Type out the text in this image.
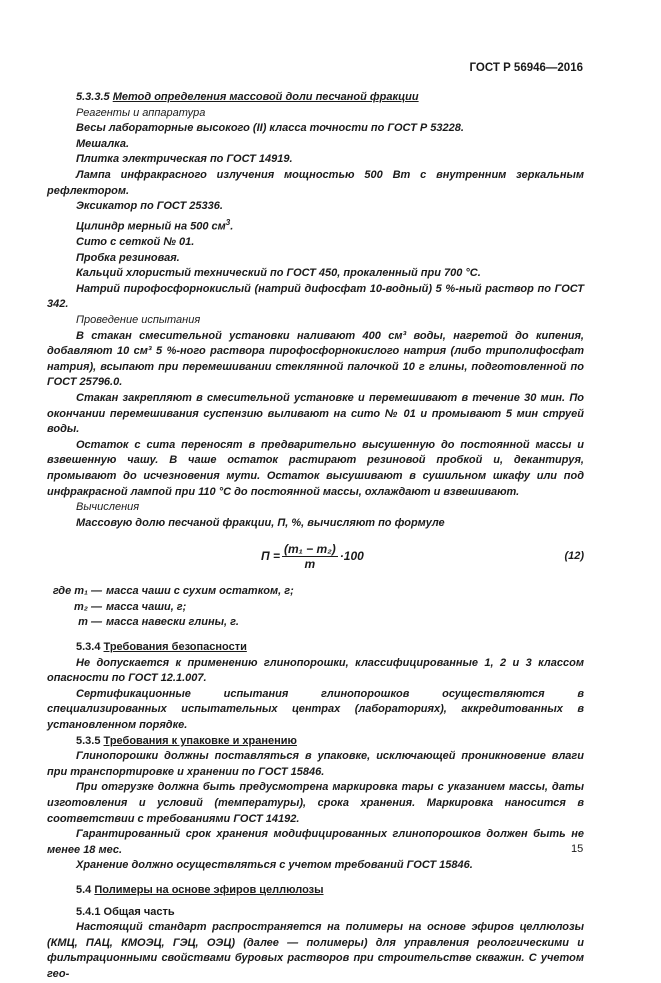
ГОСТ Р 56946—2016
5.3.3.5 Метод определения массовой доли песчаной фракции
Реагенты и аппаратура
Весы лабораторные высокого (II) класса точности по ГОСТ Р 53228.
Мешалка.
Плитка электрическая по ГОСТ 14919.
Лампа инфракрасного излучения мощностью 500 Вт с внутренним зеркальным рефлектором.
Эксикатор по ГОСТ 25336.
Цилиндр мерный на 500 $см^3$.
Сито с сеткой № 01.
Пробка резиновая.
Кальций хлористый технический по ГОСТ 450, прокаленный при 700 °С.
Натрий пирофосфорнокислый (натрий дифосфат 10-водный) 5 %-ный раствор по ГОСТ 342.
Проведение испытания
В стакан смесительной установки наливают 400 см³ воды, нагретой до кипения, добавляют 10 см³ 5 %-ного раствора пирофосфорнокислого натрия (либо триполифосфат натрия), всыпают при перемешивании стеклянной палочкой 10 г глины, подготовленной по ГОСТ 25796.0.
Стакан закрепляют в смесительной установке и перемешивают в течение 30 мин. По окончании перемешивания суспензию выливают на сито № 01 и промывают 5 мин струей воды.
Остаток с сита переносят в предварительно высушенную до постоянной массы и взвешенную чашу. В чаше остаток растирают резиновой пробкой и, декантируя, промывают до исчезновения мути. Остаток высушивают в сушильном шкафу или под инфракрасной лампой при 110 °С до постоянной массы, охлаждают и взвешивают.
Вычисления
Массовую долю песчаной фракции, П, %, вычисляют по формуле
$П = \frac{\text{(m₁ − m₂)}}{m} \cdot 100$	(12)
где m₁ — масса чаши с сухим остатком, г;
m₂ — масса чаши, г;
m — масса навески глины, г.
5.3.4 Требования безопасности
Не допускается к применению глинопорошки, классифицированные 1, 2 и 3 классом опасности по ГОСТ 12.1.007.
Сертификационные испытания глинопорошков осуществляются в специализированных испытательных центрах (лабораториях), аккредитованных в установленном порядке.
5.3.5 Требования к упаковке и хранению
Глинопорошки должны поставляться в упаковке, исключающей проникновение влаги при транспортировке и хранении по ГОСТ 15846.
При отгрузке должна быть предусмотрена маркировка тары с указанием массы, даты изготовления и условий (температуры), срока хранения. Маркировка наносится в соответствии с требованиями ГОСТ 14192.
Гарантированный срок хранения модифицированных глинопорошков должен быть не менее 18 мес.
Хранение должно осуществляться с учетом требований ГОСТ 15846.
5.4 Полимеры на основе эфиров целлюлозы
5.4.1 Общая часть
Настоящий стандарт распространяется на полимеры на основе эфиров целлюлозы (КМЦ, ПАЦ, КМОЭЦ, ГЭЦ, ОЭЦ) (далее — полимеры) для управления реологическими и фильтрационными свойствами буровых растворов при строительстве скважин. С учетом гео-
15
